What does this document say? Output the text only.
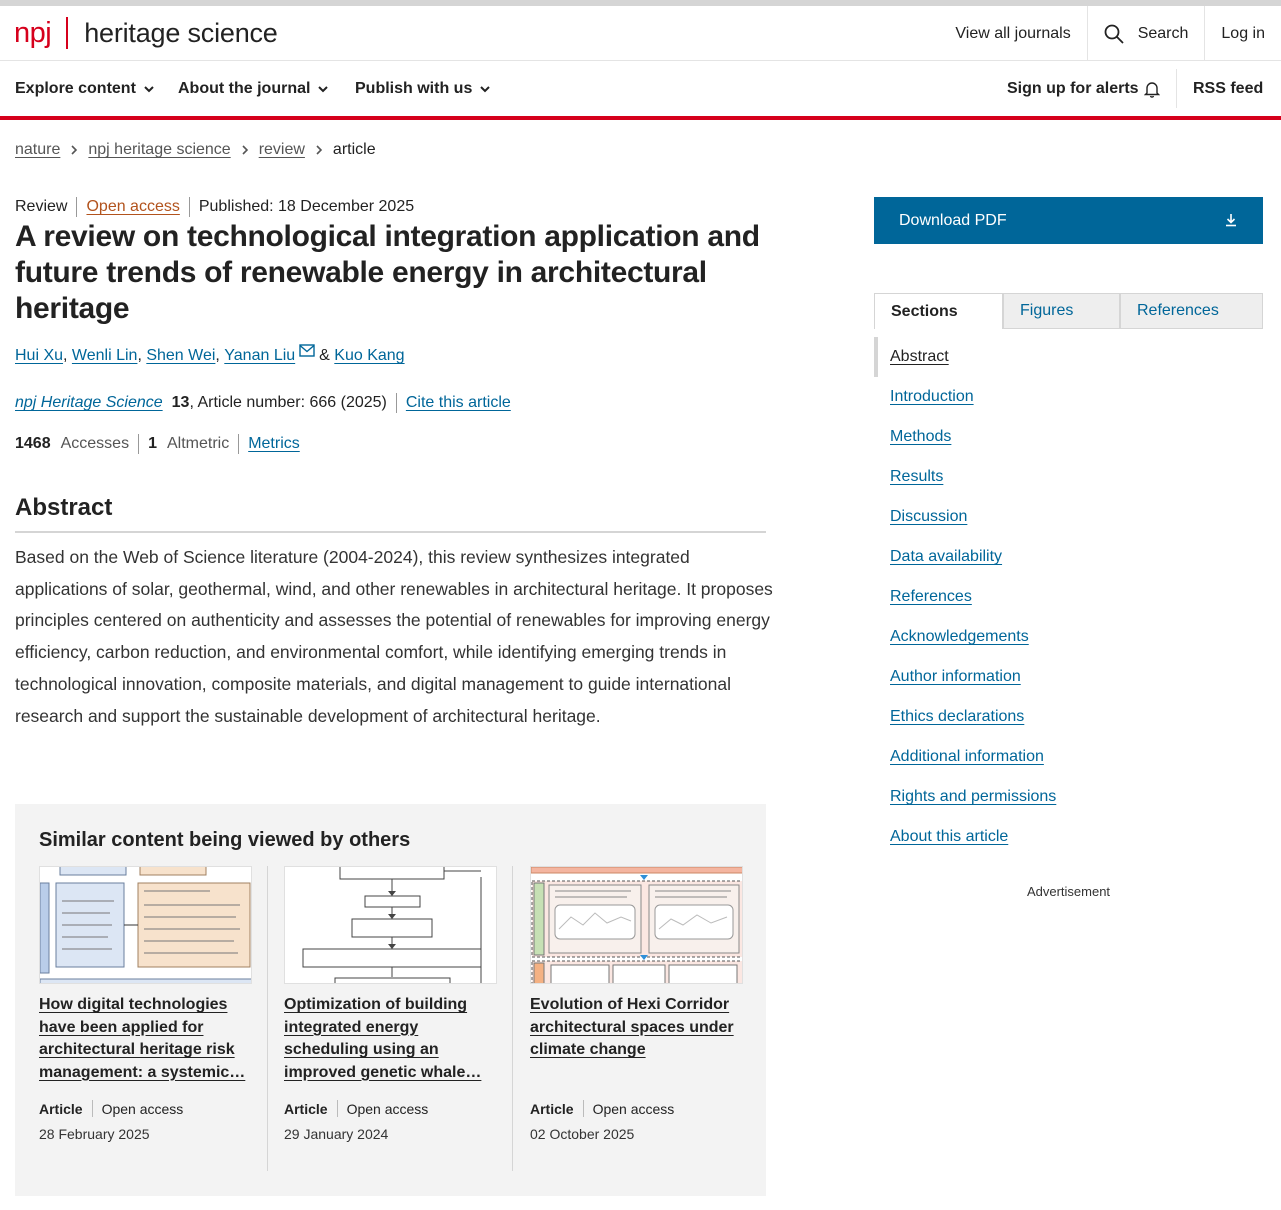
npj heritage science	View all journals	Search	Log in
Explore content	About the journal	Publish with us	Sign up for alerts	RSS feed
nature npj heritage science review article
Review Open access Published: 18 December 2025
A review on technological integration application and future trends of renewable energy in architectural heritage
Hui Xu , Wenli Lin , Shen Wei , Yanan Liu &
Kuo Kang
npj Heritage Science 13 , Article number: 666 (2025) Cite this article
1468 Accesses 1 Altmetric Metrics
Abstract

Based on the Web of Science literature (2004-2024), this review synthesizes integrated applications of solar, geothermal, wind, and other renewables in architectural heritage. It proposes principles centered on authenticity and assesses the potential of renewables for improving energy efficiency, carbon reduction, and environmental comfort, while identifying emerging trends in technological innovation, composite materials, and digital management to guide international research and support the sustainable development of architectural heritage.

Similar content being viewed by others
How digital technologies have been applied for architectural heritage risk management: a systemic…
Article Open access
28 February 2025
Optimization of building integrated energy scheduling using an improved genetic whale…
Article Open access
29 January 2024
Evolution of Hexi Corridor architectural spaces under climate change
Article Open access
02 October 2025
Download PDF
Sections	Figures	References
Abstract
Introduction
Methods
Results
Discussion
Data availability
References
Acknowledgements
Author information
Ethics declarations
Additional information
Rights and permissions
About this article
Advertisement
